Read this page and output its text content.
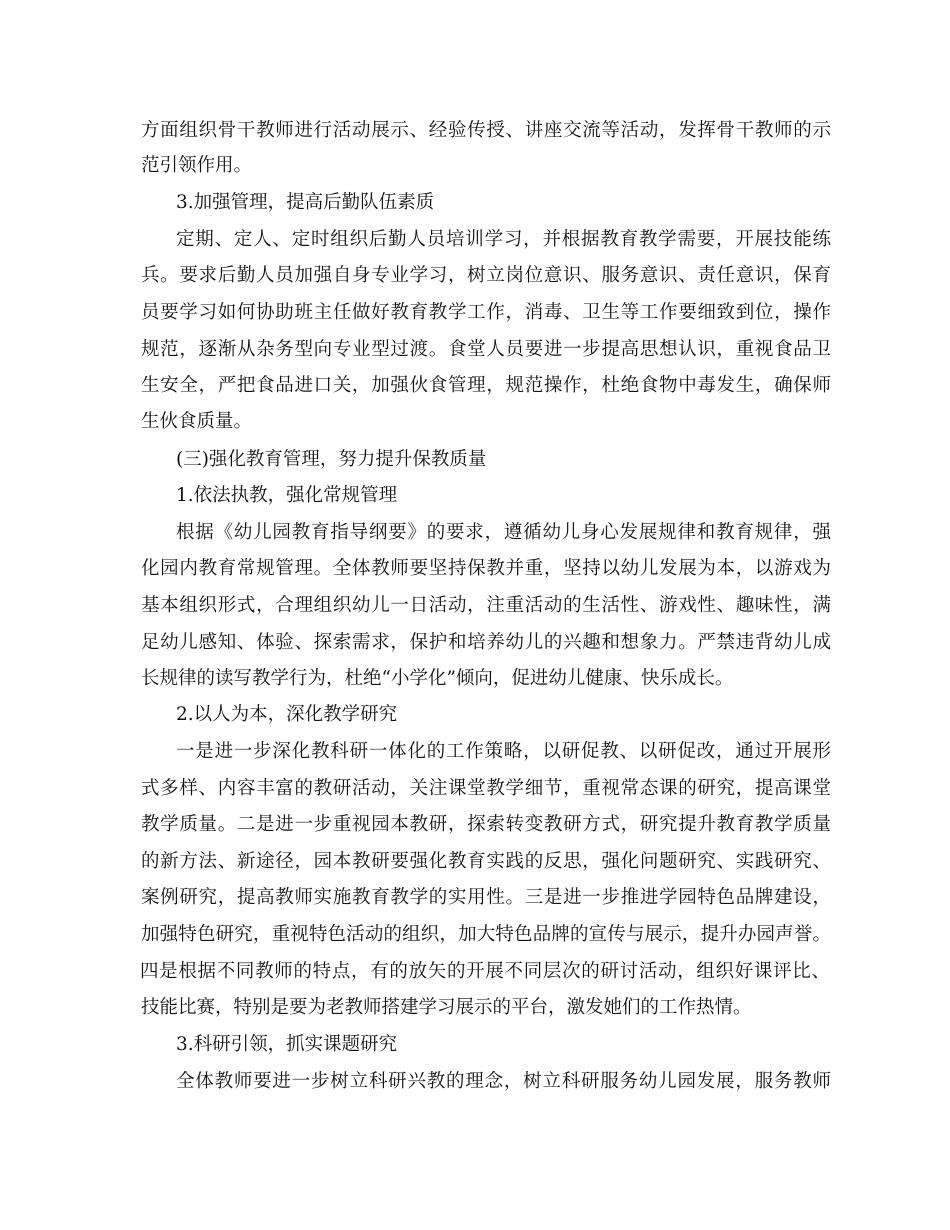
方面组织骨干教师进行活动展示、经验传授、讲座交流等活动，发挥骨干教师的示

范引领作用。

3.加强管理，提高后勤队伍素质

定期、定人、定时组织后勤人员培训学习，并根据教育教学需要，开展技能练

兵。要求后勤人员加强自身专业学习，树立岗位意识、服务意识、责任意识，保育

员要学习如何协助班主任做好教育教学工作，消毒、卫生等工作要细致到位，操作

规范，逐渐从杂务型向专业型过渡。食堂人员要进一步提高思想认识，重视食品卫

生安全，严把食品进口关，加强伙食管理，规范操作，杜绝食物中毒发生，确保师

生伙食质量。

(三)强化教育管理，努力提升保教质量

1.依法执教，强化常规管理

根据《幼儿园教育指导纲要》的要求，遵循幼儿身心发展规律和教育规律，强

化园内教育常规管理。全体教师要坚持保教并重，坚持以幼儿发展为本，以游戏为

基本组织形式，合理组织幼儿一日活动，注重活动的生活性、游戏性、趣味性，满

足幼儿感知、体验、探索需求，保护和培养幼儿的兴趣和想象力。严禁违背幼儿成

长规律的读写教学行为，杜绝“小学化”倾向，促进幼儿健康、快乐成长。

2.以人为本，深化教学研究

一是进一步深化教科研一体化的工作策略，以研促教、以研促改，通过开展形

式多样、内容丰富的教研活动，关注课堂教学细节，重视常态课的研究，提高课堂

教学质量。二是进一步重视园本教研，探索转变教研方式，研究提升教育教学质量

的新方法、新途径，园本教研要强化教育实践的反思，强化问题研究、实践研究、

案例研究，提高教师实施教育教学的实用性。三是进一步推进学园特色品牌建设，

加强特色研究，重视特色活动的组织，加大特色品牌的宣传与展示，提升办园声誉。

四是根据不同教师的特点，有的放矢的开展不同层次的研讨活动，组织好课评比、

技能比赛，特别是要为老教师搭建学习展示的平台，激发她们的工作热情。

3.科研引领，抓实课题研究

全体教师要进一步树立科研兴教的理念，树立科研服务幼儿园发展，服务教师
